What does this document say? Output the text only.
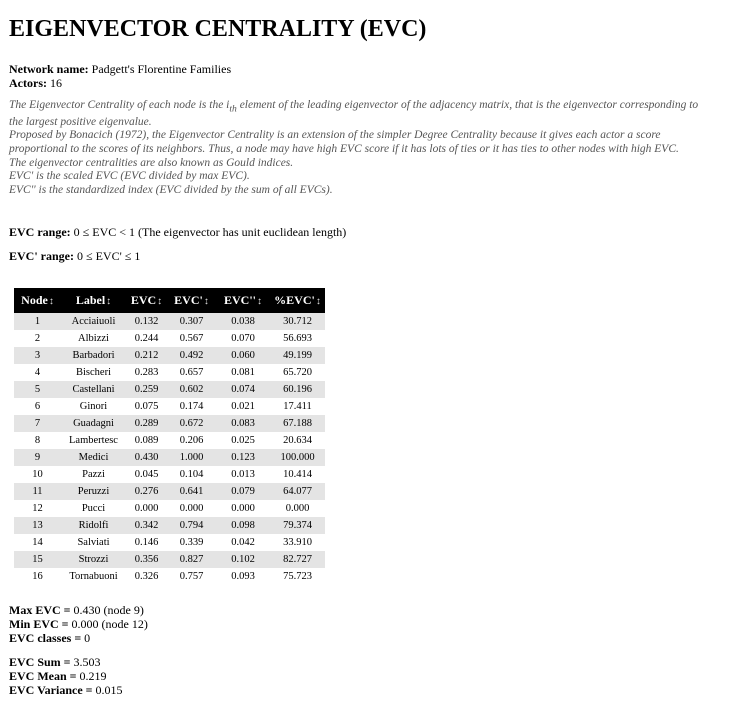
EIGENVECTOR CENTRALITY (EVC)
Network name: Padgett's Florentine Families
Actors: 16

The Eigenvector Centrality of each node is the $i_{th}$ element of the leading eigenvector of the adjacency matrix, that is the eigenvector corresponding to the largest positive eigenvalue.

Proposed by Bonacich (1972), the Eigenvector Centrality is an extension of the simpler Degree Centrality because it gives each actor a score proportional to the scores of its neighbors. Thus, a node may have high EVC score if it has lots of ties or it has ties to other nodes with high EVC.

The eigenvector centralities are also known as Gould indices.

EVC' is the scaled EVC (EVC divided by max EVC).

EVC'' is the standardized index (EVC divided by the sum of all EVCs).

EVC range: 0 ≤ EVC < 1 (The eigenvector has unit euclidean length)
EVC' range: 0 ≤ EVC' ≤ 1
Node↕	Label↕	EVC↕	EVC'↕	EVC''↕	%EVC'↕
1	Acciaiuoli	0.132	0.307	0.038	30.712
2	Albizzi	0.244	0.567	0.070	56.693
3	Barbadori	0.212	0.492	0.060	49.199
4	Bischeri	0.283	0.657	0.081	65.720
5	Castellani	0.259	0.602	0.074	60.196
6	Ginori	0.075	0.174	0.021	17.411
7	Guadagni	0.289	0.672	0.083	67.188
8	Lambertesc	0.089	0.206	0.025	20.634
9	Medici	0.430	1.000	0.123	100.000
10	Pazzi	0.045	0.104	0.013	10.414
11	Peruzzi	0.276	0.641	0.079	64.077
12	Pucci	0.000	0.000	0.000	0.000
13	Ridolfi	0.342	0.794	0.098	79.374
14	Salviati	0.146	0.339	0.042	33.910
15	Strozzi	0.356	0.827	0.102	82.727
16	Tornabuoni	0.326	0.757	0.093	75.723
Max EVC = 0.430 (node 9)
Min EVC = 0.000 (node 12)
EVC classes = 0
EVC Sum = 3.503
EVC Mean = 0.219
EVC Variance = 0.015
